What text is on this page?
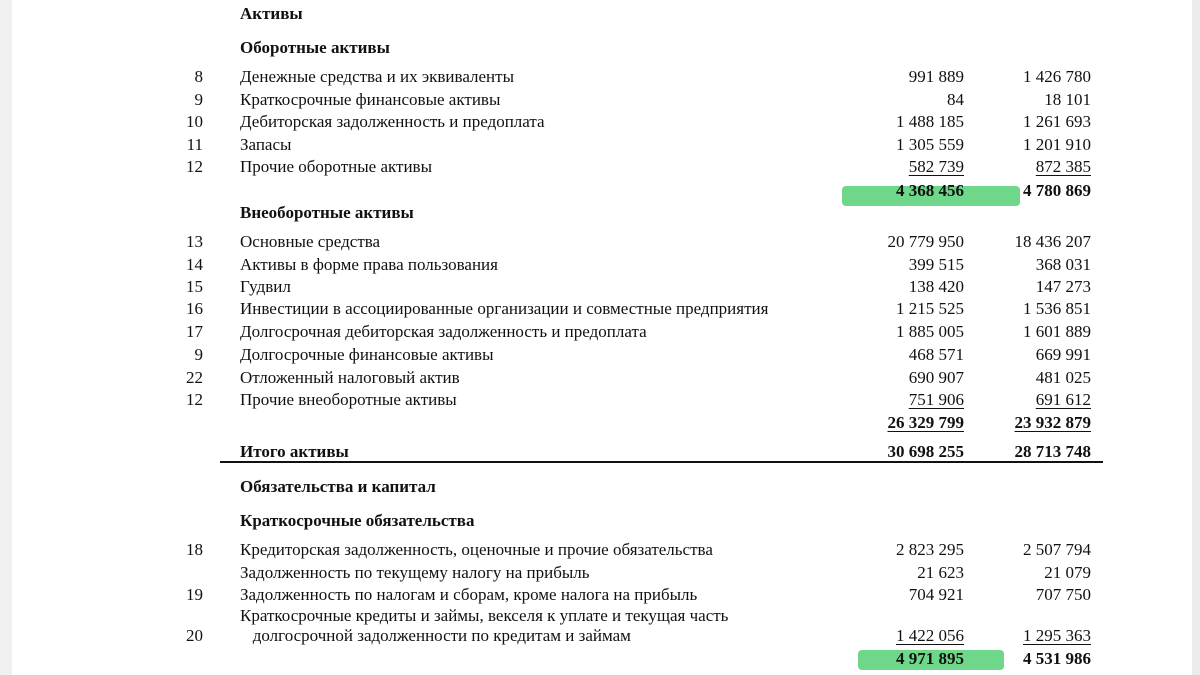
Активы
Оборотные активы
8 Денежные средства и их эквиваленты	991 889	1 426 780
9 Краткосрочные финансовые активы	84	18 101
10 Дебиторская задолженность и предоплата	1 488 185	1 261 693
11 Запасы	1 305 559	1 201 910
12 Прочие оборотные активы	582 739	872 385
4 368 456	4 780 869
Внеоборотные активы
13 Основные средства	20 779 950	18 436 207
14 Активы в форме права пользования	399 515	368 031
15 Гудвил	138 420	147 273
16 Инвестиции в ассоциированные организации и совместные предприятия	1 215 525	1 536 851
17 Долгосрочная дебиторская задолженность и предоплата	1 885 005	1 601 889
9 Долгосрочные финансовые активы	468 571	669 991
22 Отложенный налоговый актив	690 907	481 025
12 Прочие внеоборотные активы	751 906	691 612
26 329 799	23 932 879
Итого активы	30 698 255	28 713 748
Обязательства и капитал
Краткосрочные обязательства
18 Кредиторская задолженность, оценочные и прочие обязательства	2 823 295	2 507 794
Задолженность по текущему налогу на прибыль	21 623	21 079
19 Задолженность по налогам и сборам, кроме налога на прибыль	704 921	707 750
Краткосрочные кредиты и займы, векселя к уплате и текущая часть
20 долгосрочной задолженности по кредитам и займам	1 422 056	1 295 363
4 971 895	4 531 986
